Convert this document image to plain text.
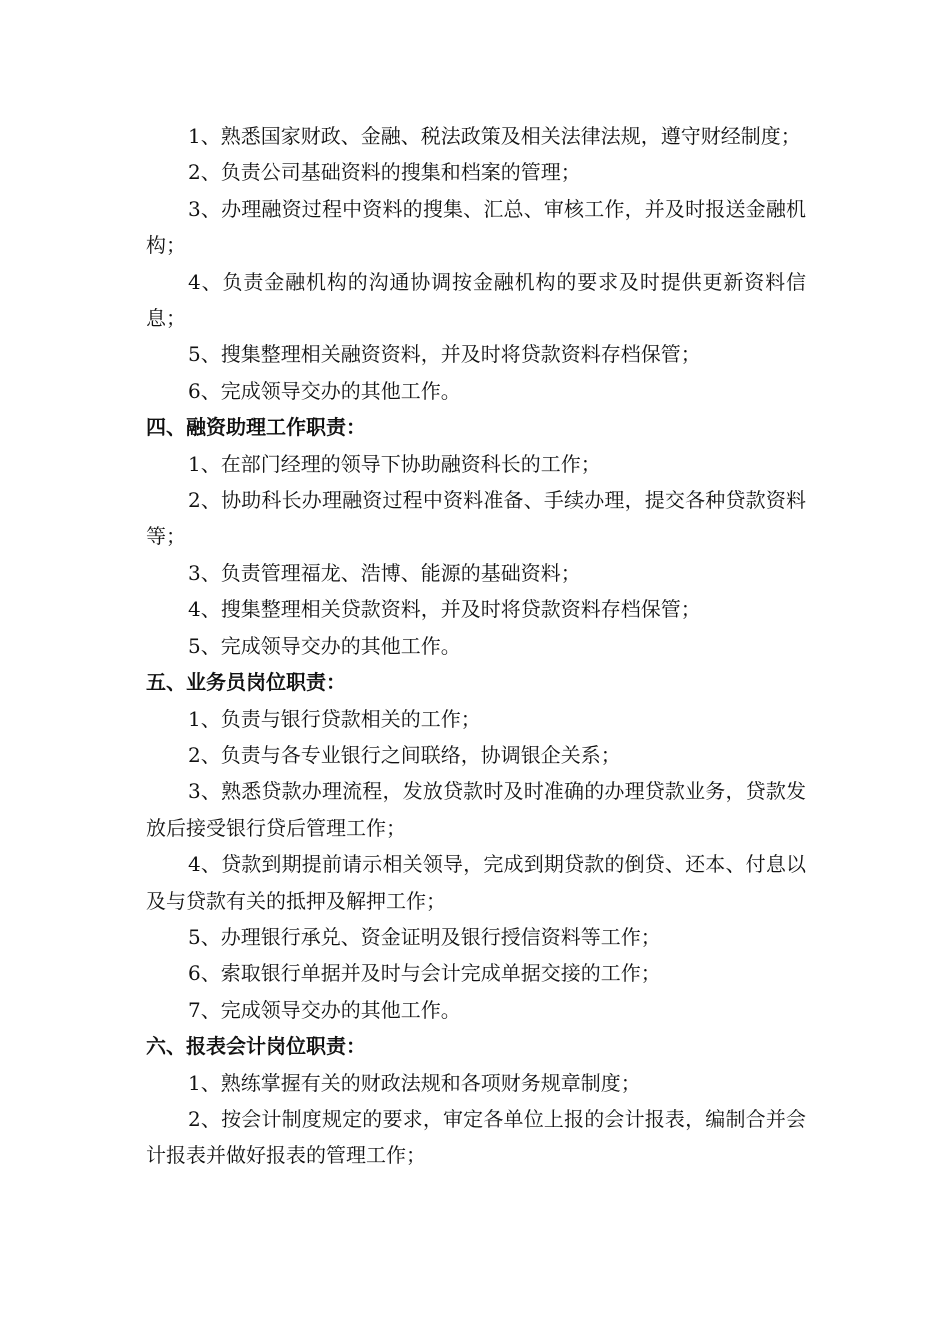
1、熟悉国家财政、金融、税法政策及相关法律法规，遵守财经制度；

2、负责公司基础资料的搜集和档案的管理；

3、办理融资过程中资料的搜集、汇总、审核工作，并及时报送金融机构；

4、负责金融机构的沟通协调按金融机构的要求及时提供更新资料信息；

5、搜集整理相关融资资料，并及时将贷款资料存档保管；

6、完成领导交办的其他工作。

四、融资助理工作职责：

1、在部门经理的领导下协助融资科长的工作；

2、协助科长办理融资过程中资料准备、手续办理，提交各种贷款资料等；

3、负责管理福龙、浩博、能源的基础资料；

4、搜集整理相关贷款资料，并及时将贷款资料存档保管；

5、完成领导交办的其他工作。

五、业务员岗位职责：

1、负责与银行贷款相关的工作；

2、负责与各专业银行之间联络，协调银企关系；

3、熟悉贷款办理流程，发放贷款时及时准确的办理贷款业务，贷款发放后接受银行贷后管理工作；

4、贷款到期提前请示相关领导，完成到期贷款的倒贷、还本、付息以及与贷款有关的抵押及解押工作；

5、办理银行承兑、资金证明及银行授信资料等工作；

6、索取银行单据并及时与会计完成单据交接的工作；

7、完成领导交办的其他工作。

六、报表会计岗位职责：

1、熟练掌握有关的财政法规和各项财务规章制度；

2、按会计制度规定的要求，审定各单位上报的会计报表，编制合并会计报表并做好报表的管理工作；
